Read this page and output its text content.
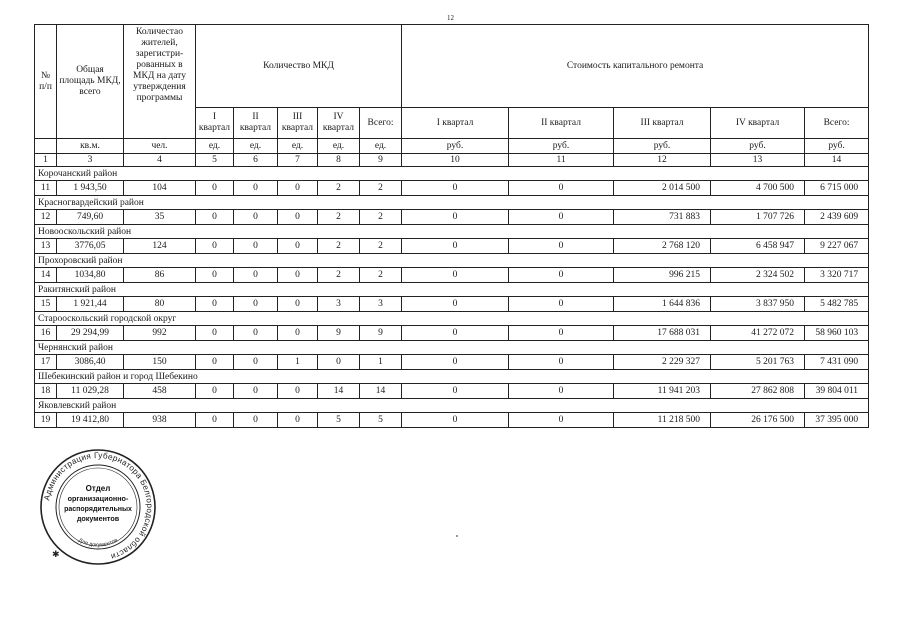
12
№ п/п	Общая площадь МКД, всего	Количестао жителей, зарегистри- рованных в МКД на дату утверждения программы	Количество МКД					Стоимость капитального ремонта				
			I квартал	II квартал	III квартал	IV квартал	Всего:	I квартал	II квартал	III квартал	IV квартал	Всего:
	кв.м.	чел.	ед.	ед.	ед.	ед.	ед.	руб.	руб.	руб.	руб.	руб.
1	3	4	5	6	7	8	9	10	11	12	13	14
Корочанский район												
11	1 943,50	104	0	0	0	2	2	0	0	2 014 500	4 700 500	6 715 000
Красногвардейский район												
12	749,60	35	0	0	0	2	2	0	0	731 883	1 707 726	2 439 609
Новооскольский район												
13	3776,05	124	0	0	0	2	2	0	0	2 768 120	6 458 947	9 227 067
Прохоровский район												
14	1034,80	86	0	0	0	2	2	0	0	996 215	2 324 502	3 320 717
Ракитянский район												
15	1 921,44	80	0	0	0	3	3	0	0	1 644 836	3 837 950	5 482 785
Старооскольский городской округ												
16	29 294,99	992	0	0	0	9	9	0	0	17 688 031	41 272 072	58 960 103
Чернянский район												
17	3086,40	150	0	0	1	0	1	0	0	2 229 327	5 201 763	7 431 090
Шебекинский район и город Шебекино												
18	11 029,28	458	0	0	0	14	14	0	0	11 941 203	27 862 808	39 804 011
Яковлевский район												
19	19 412,80	938	0	0	0	5	5	0	0	11 218 500	26 176 500	37 395 000
Администрация Губернатора Белгородской области
Для документов
Отдел
организационно-
распорядительных
документов
✱
